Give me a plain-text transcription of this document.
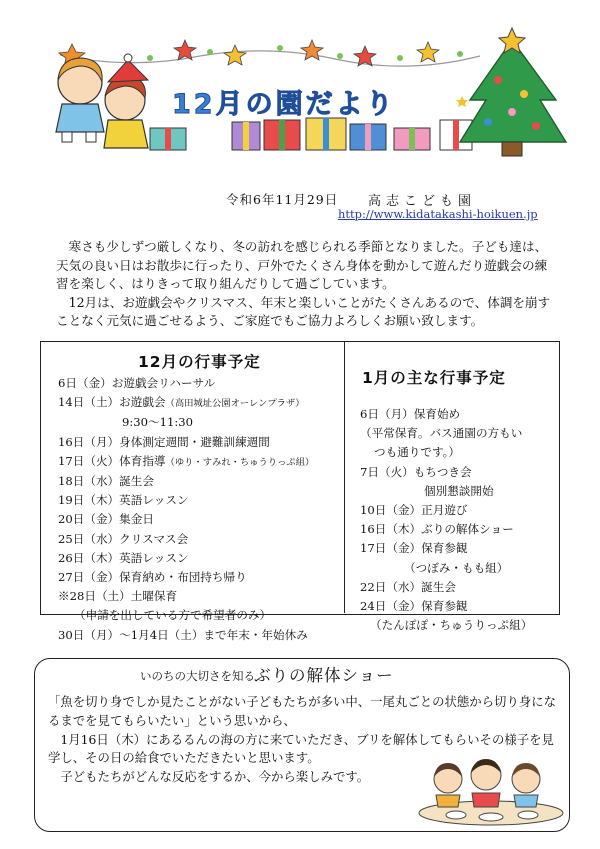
12月の園だより
令和6年11月29日 高志こども園
http://www.kidatakashi-hoikuen.jp

寒さも少しずつ厳しくなり、冬の訪れを感じられる季節となりました。子ども達は、天気の良い日はお散歩に行ったり、戸外でたくさん身体を動かして遊んだり遊戯会の練習を楽しく、はりきって取り組んだりして過ごしています。

12月は、お遊戯会やクリスマス、年末と楽しいことがたくさんあるので、体調を崩すことなく元気に過ごせるよう、ご家庭でもご協力よろしくお願い致します。

12月の行事予定
6日（金）お遊戯会リハーサル
14日（土）お遊戯会（高田城址公園オーレンプラザ）
9:30～11:30
16日（月）身体測定週間・避難訓練週間
17日（火）体育指導（ゆり・すみれ・ちゅうりっぷ組）
18日（水）誕生会
19日（木）英語レッスン
20日（金）集金日
25日（水）クリスマス会
26日（木）英語レッスン
27日（金）保育納め・布団持ち帰り
※28日（土）土曜保育
（申請を出している方で希望者のみ）
30日（月）～1月4日（土）まで年末・年始休み
1月の主な行事予定
6日（月）保育始め
（平常保育。バス通園の方もい
つも通りです。）
7日（火）もちつき会
個別懇談開始
10日（金）正月遊び
16日（木）ぶりの解体ショー
17日（金）保育参観
（つぼみ・もも組）
22日（水）誕生会
24日（金）保育参観
（たんぽぽ・ちゅうりっぷ組）
いのちの大切さを知る ぶりの解体ショー

「魚を切り身でしか見たことがない子どもたちが多い中、一尾丸ごとの状態から切り身になるまでを見てもらいたい」という思いから、

1月16日（木）にあるるんの海の方に来ていただき、ブリを解体してもらいその様子を見学し、その日の給食でいただきたいと思います。

子どもたちがどんな反応をするか、今から楽しみです。
